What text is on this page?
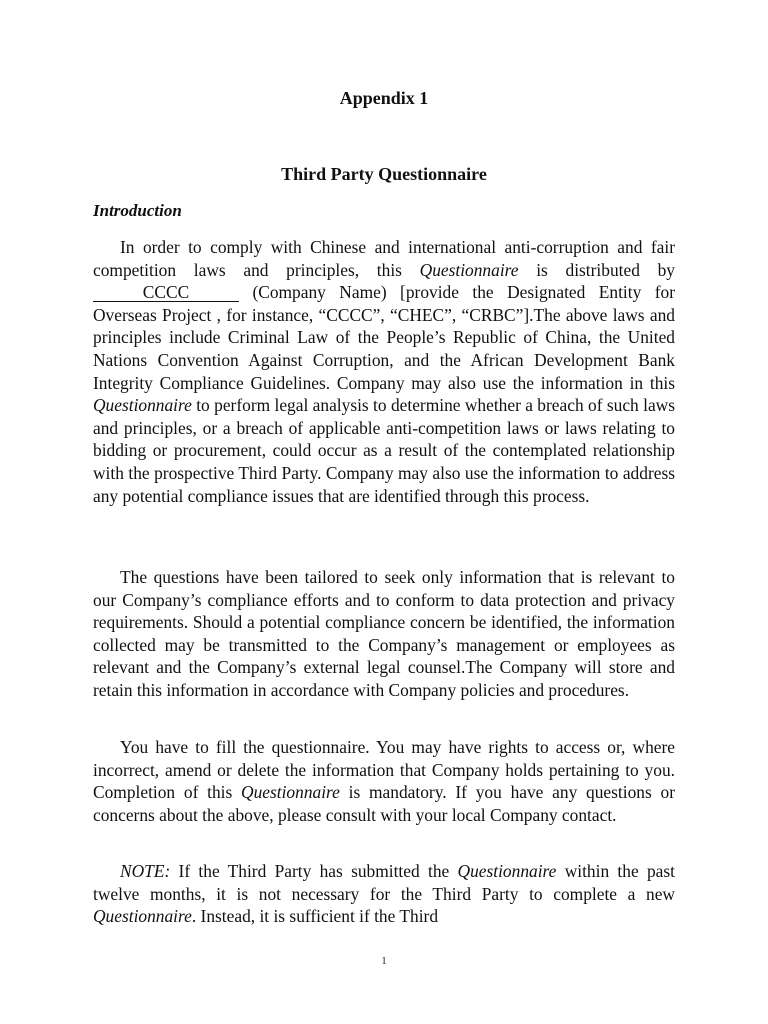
Appendix 1

Third Party Questionnaire

Introduction

In order to comply with Chinese and international anti-corruption and fair competition laws and principles, this Questionnaire is distributed by CCCC	(Company Name) [provide the Designated Entity for Overseas Project , for instance, “CCCC”, “CHEC”, “CRBC”].The above laws and principles include Criminal Law of the People’s Republic of China, the United Nations Convention Against Corruption, and the African Development Bank Integrity Compliance Guidelines. Company may also use the information in this Questionnaire to perform legal analysis to determine whether a breach of such laws and principles, or a breach of applicable anti-competition laws or laws relating to bidding or procurement, could occur as a result of the contemplated relationship with the prospective Third Party. Company may also use the information to address any potential compliance issues that are identified through this process.

The questions have been tailored to seek only information that is relevant to our Company’s compliance efforts and to conform to data protection and privacy requirements. Should a potential compliance concern be identified, the information collected may be transmitted to the Company’s management or employees as relevant and the Company’s external legal counsel.The Company will store and retain this information in accordance with Company policies and procedures.

You have to fill the questionnaire. You may have rights to access or, where incorrect, amend or delete the information that Company holds pertaining to you. Completion of this Questionnaire is mandatory. If you have any questions or concerns about the above, please consult with your local Company contact.

NOTE: If the Third Party has submitted the Questionnaire within the past twelve months, it is not necessary for the Third Party to complete a new Questionnaire. Instead, it is sufficient if the Third

1
